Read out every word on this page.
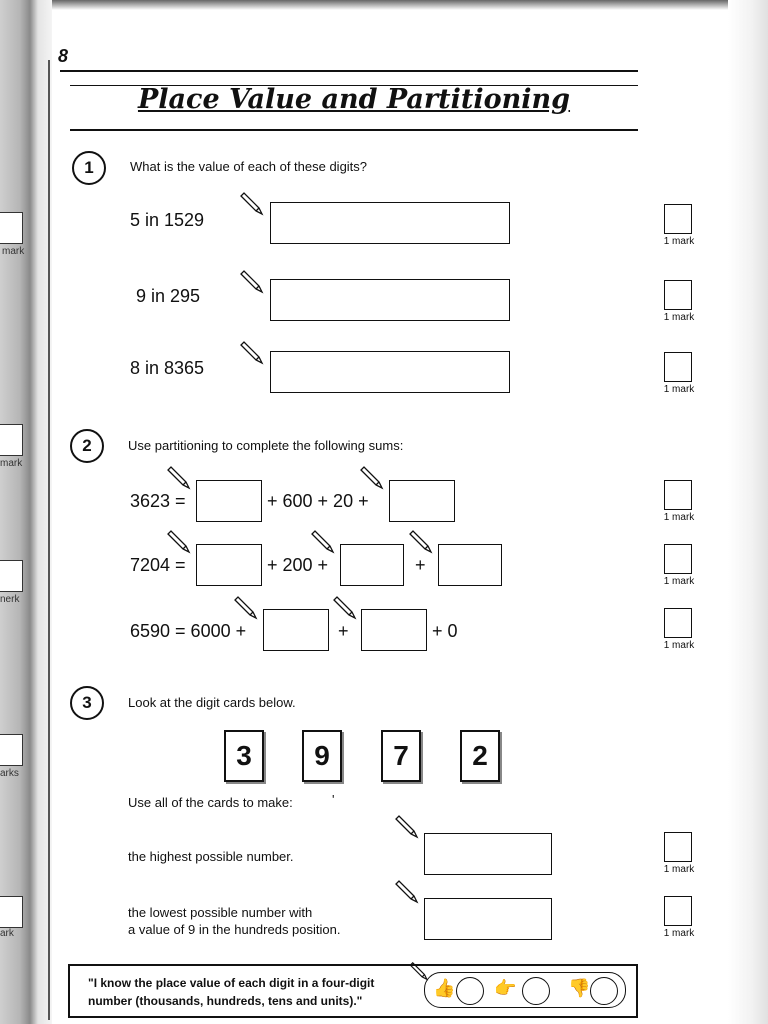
mark
mark
nerk
arks
ark
8
Place Value and Partitioning
1	What is the value of each of these digits?
5 in 1529
1 mark
9 in 295
1 mark
8 in 8365
1 mark
2	Use partitioning to complete the following sums:
3623 =	+ 600 + 20 +
1 mark
7204 =	+ 200 +	+
1 mark
6590 = 6000 +	+	+ 0
1 mark
3	Look at the digit cards below.
3	9	7	2
Use all of the cards to make:	'
the highest possible number.
1 mark
the lowest possible number with
a value of 9 in the hundreds position.	1 mark
"I know the place value of each digit in a four-digit
number (thousands, hundreds, tens and units)."
👍 👉	👎
